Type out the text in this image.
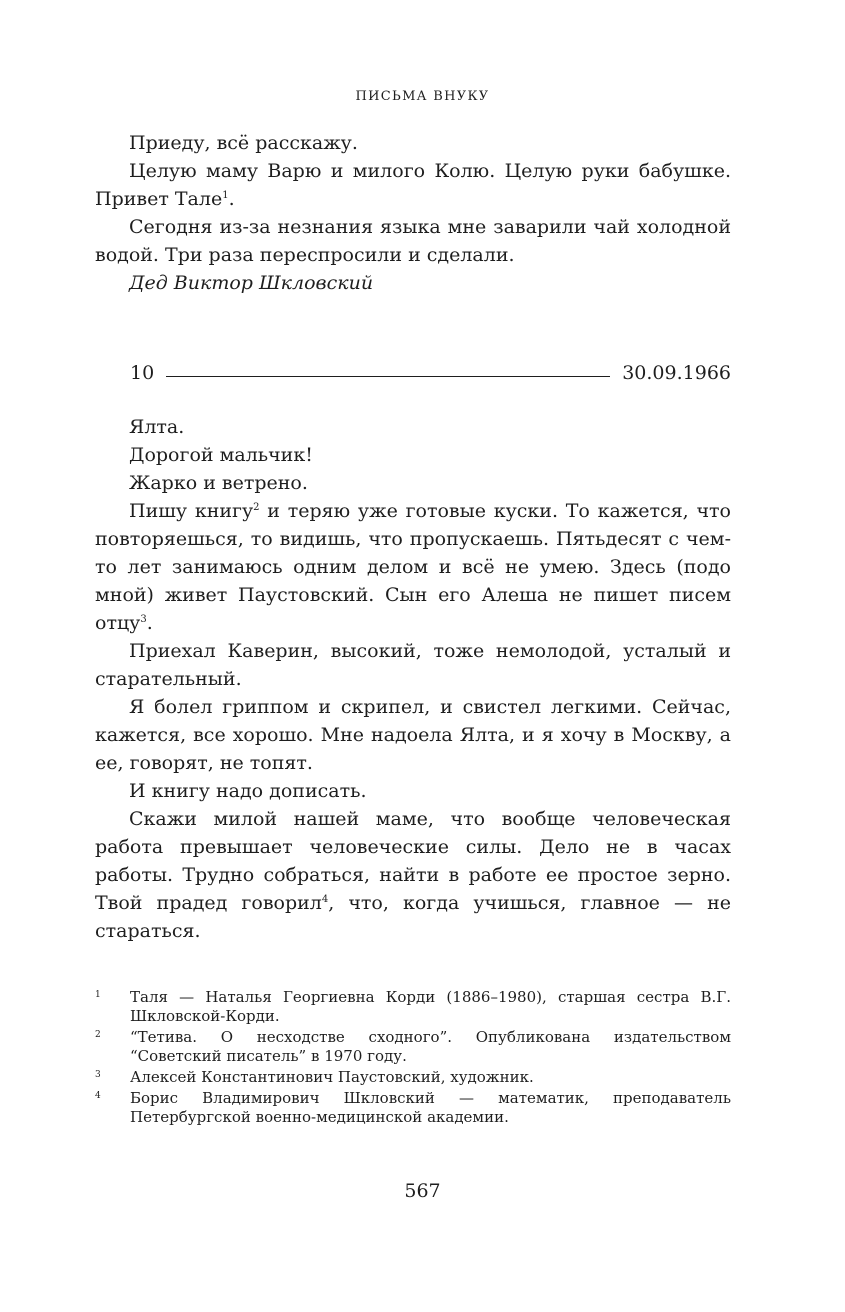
ПИСЬМА ВНУКУ

Приеду, всё расскажу.

Целую маму Варю и милого Колю. Целую руки бабушке. Привет Тале$^1$.

Сегодня из-за незнания языка мне заварили чай холодной водой. Три раза переспросили и сделали.

Дед Виктор Шкловский

10	30.09.1966

Ялта.

Дорогой мальчик!

Жарко и ветрено.

Пишу книгу$^2$ и теряю уже готовые куски. То кажется, что повторяешься, то видишь, что пропускаешь. Пятьдесят с чем-то лет занимаюсь одним делом и всё не умею. Здесь (подо мной) живет Паустовский. Сын его Алеша не пишет писем отцу$^3$.

Приехал Каверин, высокий, тоже немолодой, усталый и старательный.

Я болел гриппом и скрипел, и свистел легкими. Сейчас, кажется, все хорошо. Мне надоела Ялта, и я хочу в Москву, а ее, говорят, не топят.

И книгу надо дописать.

Скажи милой нашей маме, что вообще человеческая работа превышает человеческие силы. Дело не в часах работы. Трудно собраться, найти в работе ее простое зерно. Твой прадед говорил$^4$, что, когда учишься, главное — не стараться.

1	Таля — Наталья Георгиевна Корди (1886–1980), старшая сестра В.Г. Шкловской-Корди.
2	“Тетива. О несходстве сходного”. Опубликована издательством “Советский писатель” в 1970 году.
3	Алексей Константинович Паустовский, художник.
4	Борис Владимирович Шкловский — математик, преподаватель Петербургской военно-медицинской академии.
567
